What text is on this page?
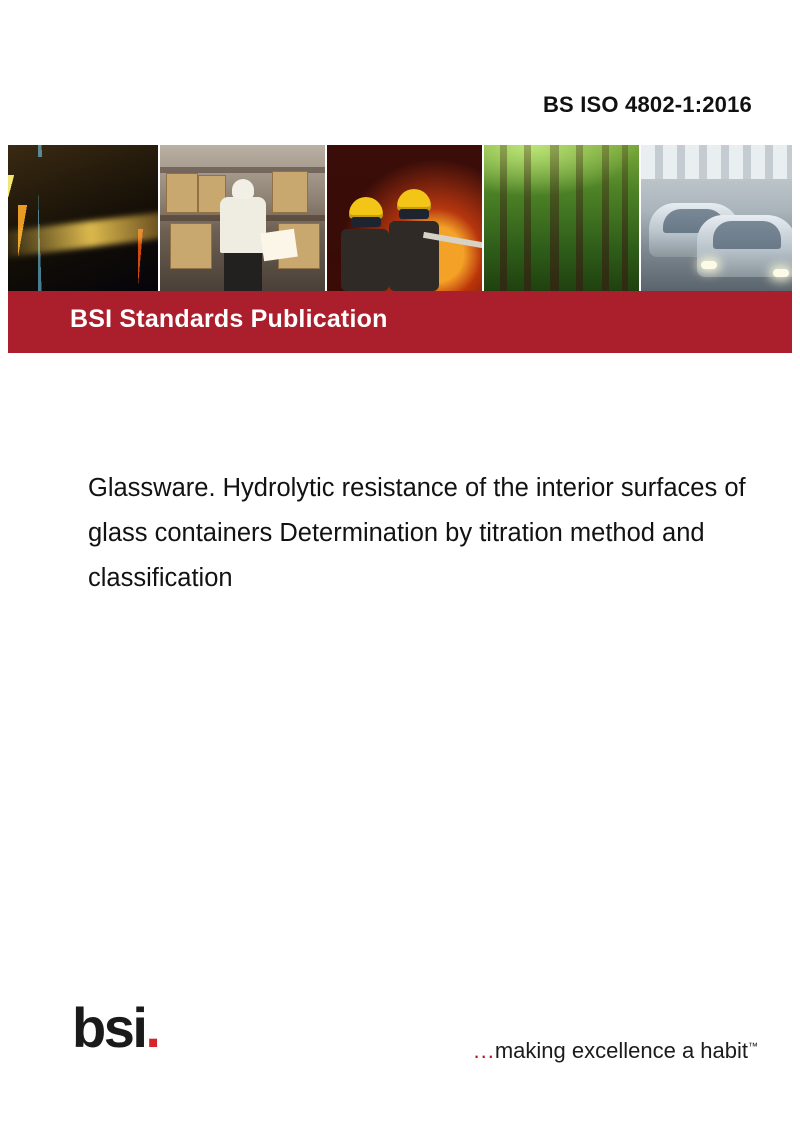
BS ISO 4802-1:2016
BSI Standards Publication
Glassware. Hydrolytic resistance of the interior surfaces of glass containers Determination by titration method and classification
bsi.	...making excellence a habit™
